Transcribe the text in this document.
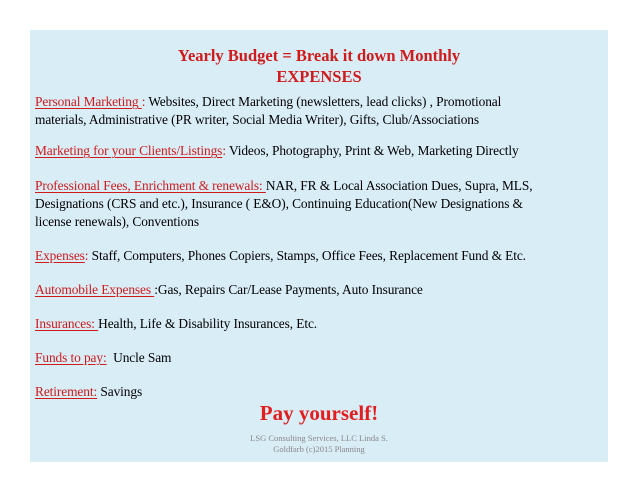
Yearly Budget = Break it down Monthly
EXPENSES
Personal Marketing : Websites, Direct Marketing (newsletters, lead clicks) , Promotional
materials, Administrative (PR writer, Social Media Writer), Gifts, Club/Associations
Marketing for your Clients/Listings: Videos, Photography, Print & Web, Marketing Directly
Professional Fees, Enrichment & renewals: NAR, FR & Local Association Dues, Supra, MLS,
Designations (CRS and etc.), Insurance ( E&O), Continuing Education(New Designations &
license renewals), Conventions
Expenses: Staff, Computers, Phones Copiers, Stamps, Office Fees, Replacement Fund & Etc.
Automobile Expenses :Gas, Repairs Car/Lease Payments, Auto Insurance
Insurances: Health, Life & Disability Insurances, Etc.
Funds to pay:  Uncle Sam
Retirement: Savings
Pay yourself!
LSG Consulting Services, LLC Linda S.
Goldfarb (c)2015 Planning
